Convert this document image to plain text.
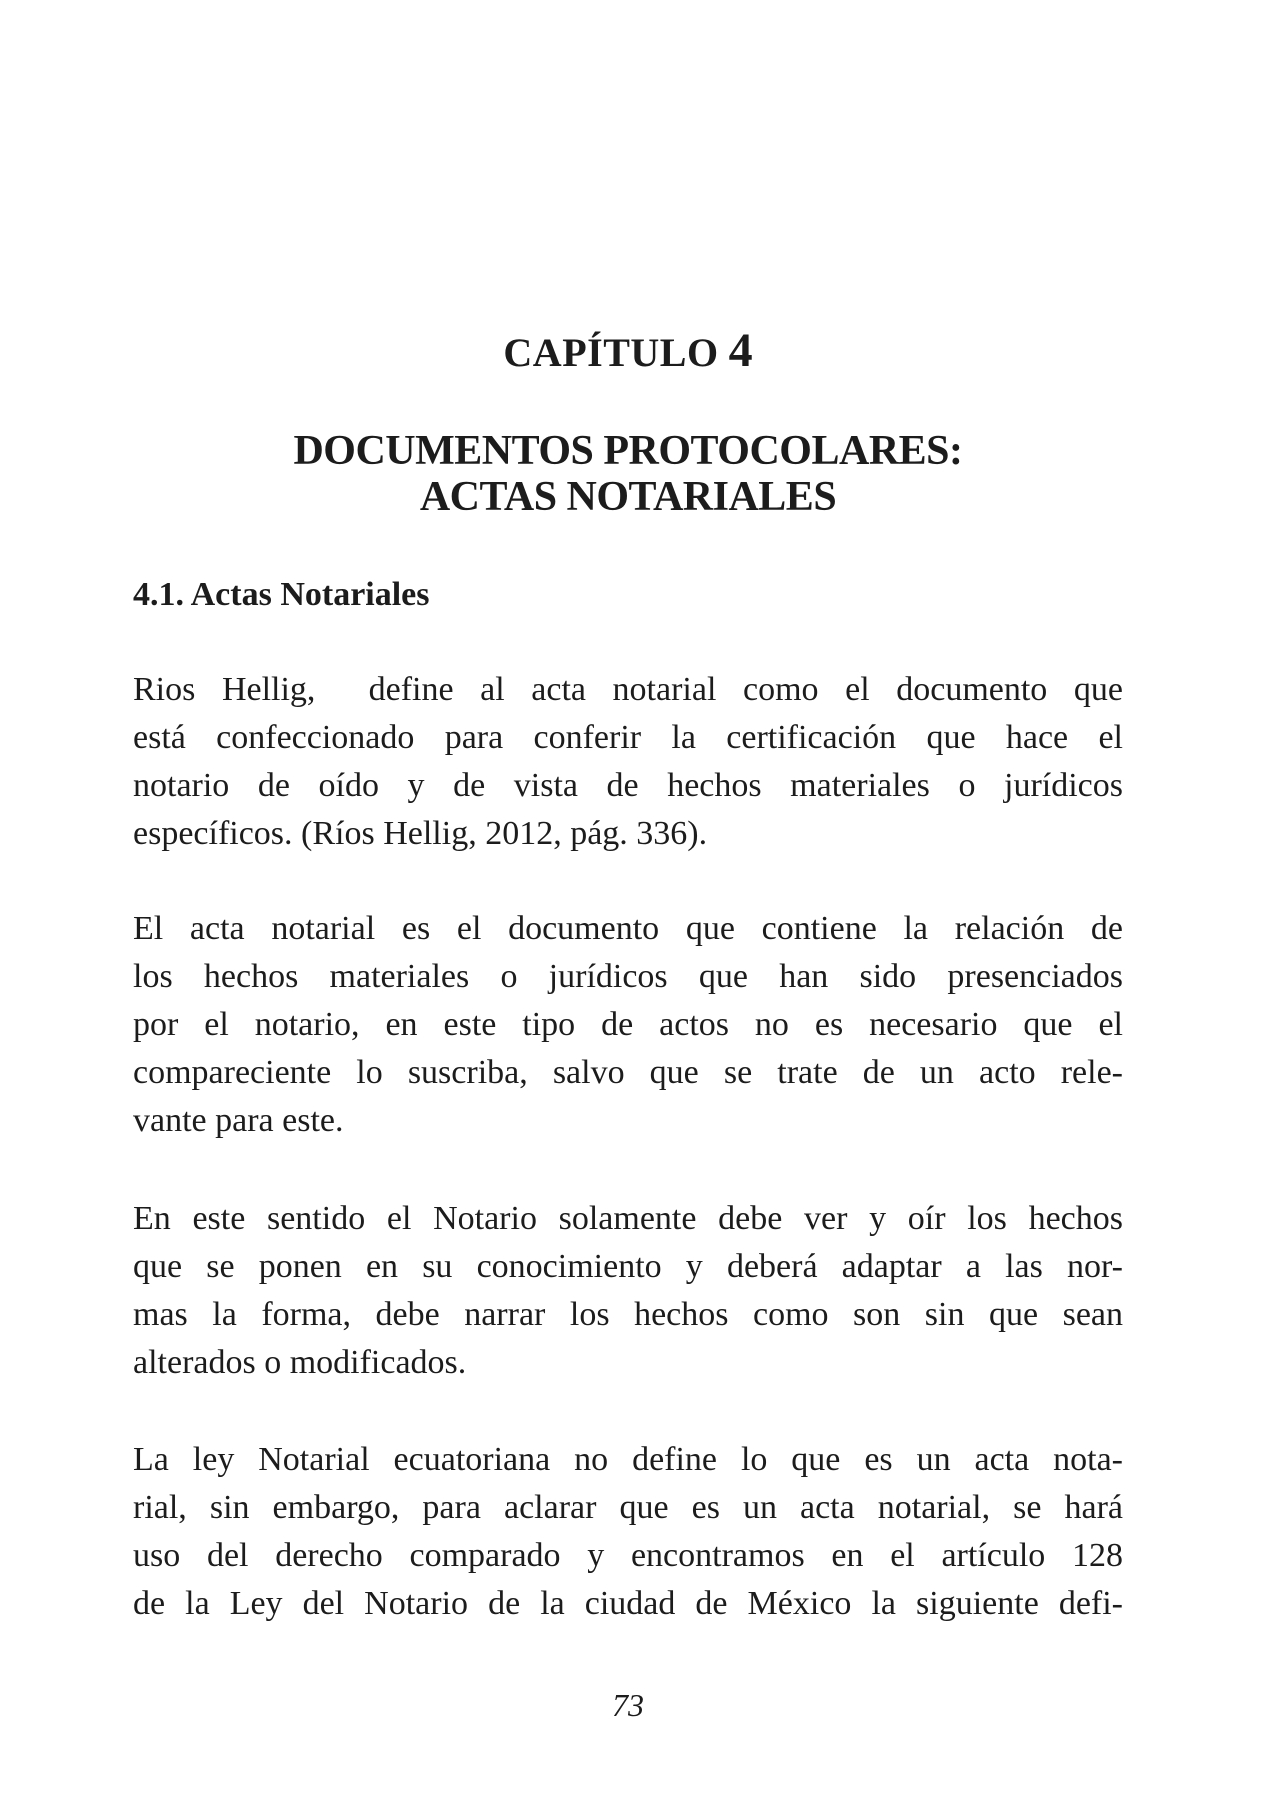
CAPÍTULO 4
DOCUMENTOS PROTOCOLARES:
ACTAS NOTARIALES
4.1. Actas Notariales
Rios Hellig,  define al acta notarial como el documento que
está confeccionado para conferir la certificación que hace el
notario de oído y de vista de hechos materiales o jurídicos
específicos. (Ríos Hellig, 2012, pág. 336).
El acta notarial es el documento que contiene la relación de
los hechos materiales o jurídicos que han sido presenciados
por el notario, en este tipo de actos no es necesario que el
compareciente lo suscriba, salvo que se trate de un acto rele-
vante para este.
En este sentido el Notario solamente debe ver y oír los hechos
que se ponen en su conocimiento y deberá adaptar a las nor-
mas la forma, debe narrar los hechos como son sin que sean
alterados o modificados.
La ley Notarial ecuatoriana no define lo que es un acta nota-
rial, sin embargo, para aclarar que es un acta notarial, se hará
uso del derecho comparado y encontramos en el artículo 128
de la Ley del Notario de la ciudad de México la siguiente defi-
73
